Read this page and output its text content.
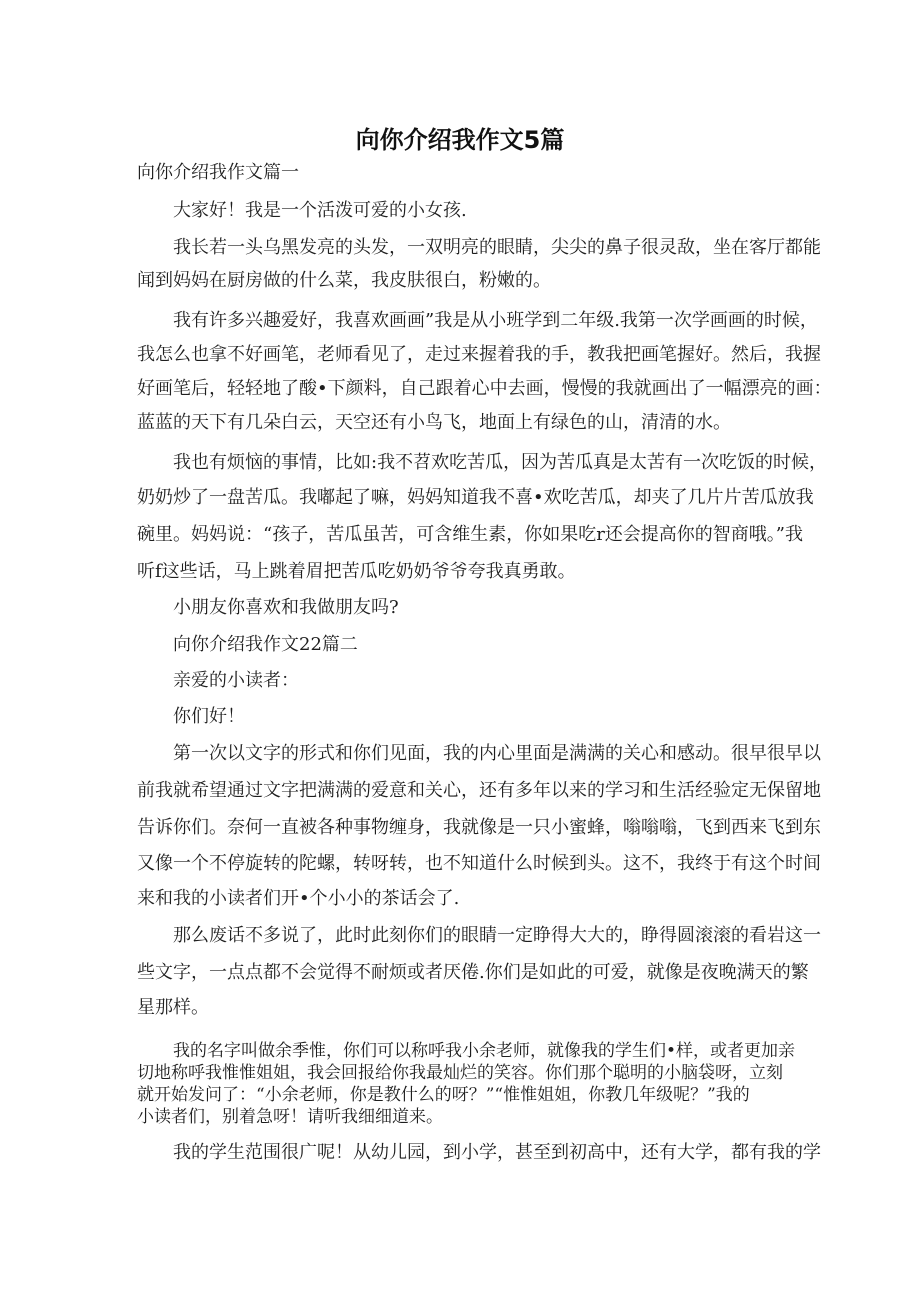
向你介绍我作文5篇
向你介绍我作文篇一
大家好！我是一个活泼可爱的小女孩.
我长若一头乌黑发亮的头发，一双明亮的眼睛，尖尖的鼻子很灵敌，坐在客厅都能
闻到妈妈在厨房做的什么菜，我皮肤很白，粉嫩的。
我有许多兴趣爱好，我喜欢画画”我是从小班学到二年级.我第一次学画画的时候，
我怎么也拿不好画笔，老师看见了，走过来握着我的手，教我把画笔握好。然后，我握
好画笔后，轻轻地了酸•下颜料，自己跟着心中去画，慢慢的我就画出了一幅漂亮的画：
蓝蓝的天下有几朵白云，天空还有小鸟飞，地面上有绿色的山，清清的水。
我也有烦恼的事情，比如:我不苕欢吃苦瓜，因为苦瓜真是太苦有一次吃饭的时候，
奶奶炒了一盘苦瓜。我嘟起了嘛，妈妈知道我不喜•欢吃苦瓜，却夹了几片片苦瓜放我
碗里。妈妈说：“孩子，苦瓜虽苦，可含维生素，你如果吃r还会提高你的智商哦。”我
听f这些话，马上跳着眉把苦瓜吃奶奶爷爷夸我真勇敢。
小朋友你喜欢和我做朋友吗?
向你介绍我作文22篇二
亲爱的小读者：
你们好！
第一次以文字的形式和你们见面，我的内心里面是满满的关心和感动。很早很早以
前我就希望通过文字把满满的爱意和关心，还有多年以来的学习和生活经验定无保留地
告诉你们。奈何一直被各种事物缠身，我就像是一只小蜜蜂，嗡嗡嗡，飞到西来飞到东
又像一个不停旋转的陀螺，转呀转，也不知道什么时候到头。这不，我终于有这个时间
来和我的小读者们开•个小小的茶话会了.
那么废话不多说了，此时此刻你们的眼睛一定睁得大大的，睁得圆滚滚的看岩这一
些文字，一点点都不会觉得不耐烦或者厌倦.你们是如此的可爱，就像是夜晚满天的繁
星那样。
我的名字叫做余季惟，你们可以称呼我小余老师，就像我的学生们•样，或者更加亲
切地称呼我惟惟姐姐，我会回报给你我最灿烂的笑容。你们那个聪明的小脑袋呀，立刻
就开始发问了：“小余老师，你是教什么的呀？”“惟惟姐姐，你教几年级呢？”我的
小读者们，别着急呀！请听我细细道来。
我的学生范围很广呢！从幼儿园，到小学，甚至到初高中，还有大学，都有我的学
